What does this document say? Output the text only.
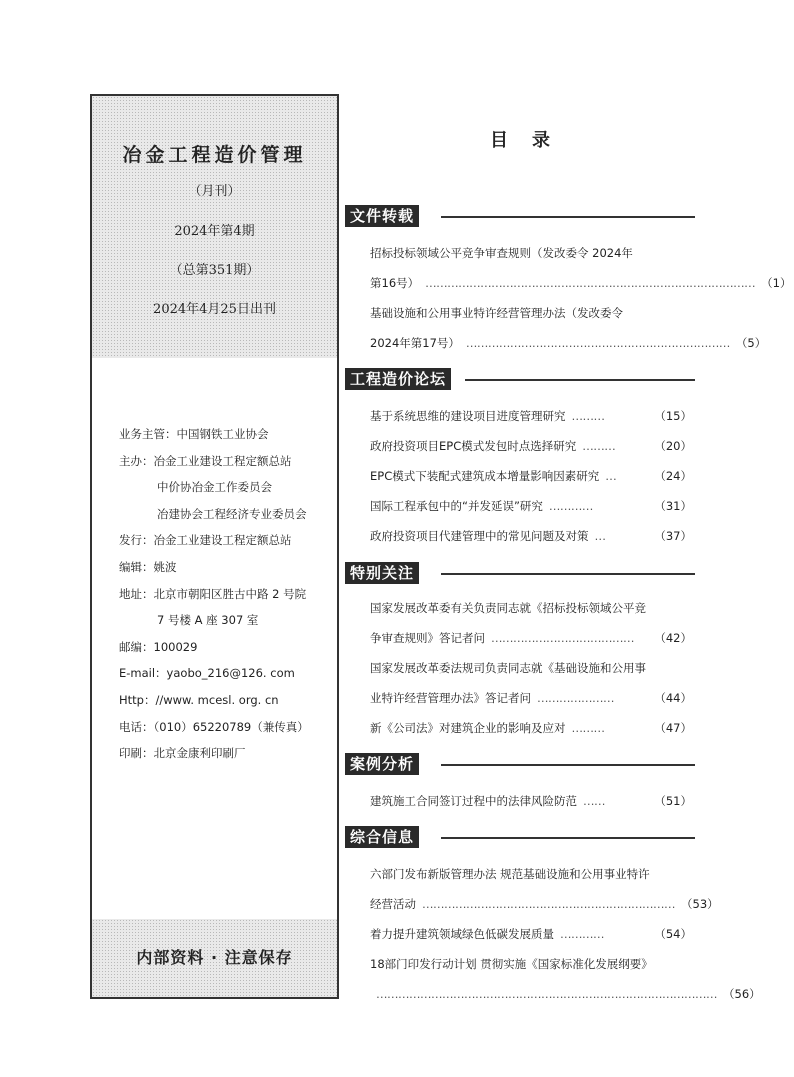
冶金工程造价管理
（月刊）
2024年第4期
（总第351期）
2024年4月25日出刊
业务主管：中国钢铁工业协会
主办：冶金工业建设工程定额总站
中价协冶金工作委员会
冶建协会工程经济专业委员会
发行：冶金工业建设工程定额总站
编辑：姚波
地址：北京市朝阳区胜古中路 2 号院
7 号楼 A 座 307 室
邮编：100029
E-mail：yaobo_216@126. com
Http：//www. mcesl. org. cn
电话：（010）65220789（兼传真）
印刷：北京金康利印刷厂
内部资料 · 注意保存
目录
文件转载
招标投标领域公平竞争审查规则（发改委令 2024年
第16号） ……………………………………………………………………………… （1）
基础设施和公用事业特许经营管理办法（发改委令
2024年第17号） ……………………………………………………………… （5）
工程造价论坛
基于系统思维的建设项目进度管理研究 ………	（15）
政府投资项目EPC模式发包时点选择研究 ………	（20）
EPC模式下装配式建筑成本增量影响因素研究 …	（24）
国际工程承包中的“并发延误”研究 …………	（31）
政府投资项目代建管理中的常见问题及对策 …	（37）
特别关注
国家发展改革委有关负责同志就《招标投标领域公平竞
争审查规则》答记者问 …………………………………	（42）
国家发展改革委法规司负责同志就《基础设施和公用事
业特许经营管理办法》答记者问 …………………	（44）
新《公司法》对建筑企业的影响及应对 ………	（47）
案例分析
建筑施工合同签订过程中的法律风险防范 ……	（51）
综合信息
六部门发布新版管理办法 规范基础设施和公用事业特许
经营活动 …………………………………………………………… （53）
着力提升建筑领域绿色低碳发展质量 …………	（54）
18部门印发行动计划 贯彻实施《国家标准化发展纲要》
………………………………………………………………………………… （56）
